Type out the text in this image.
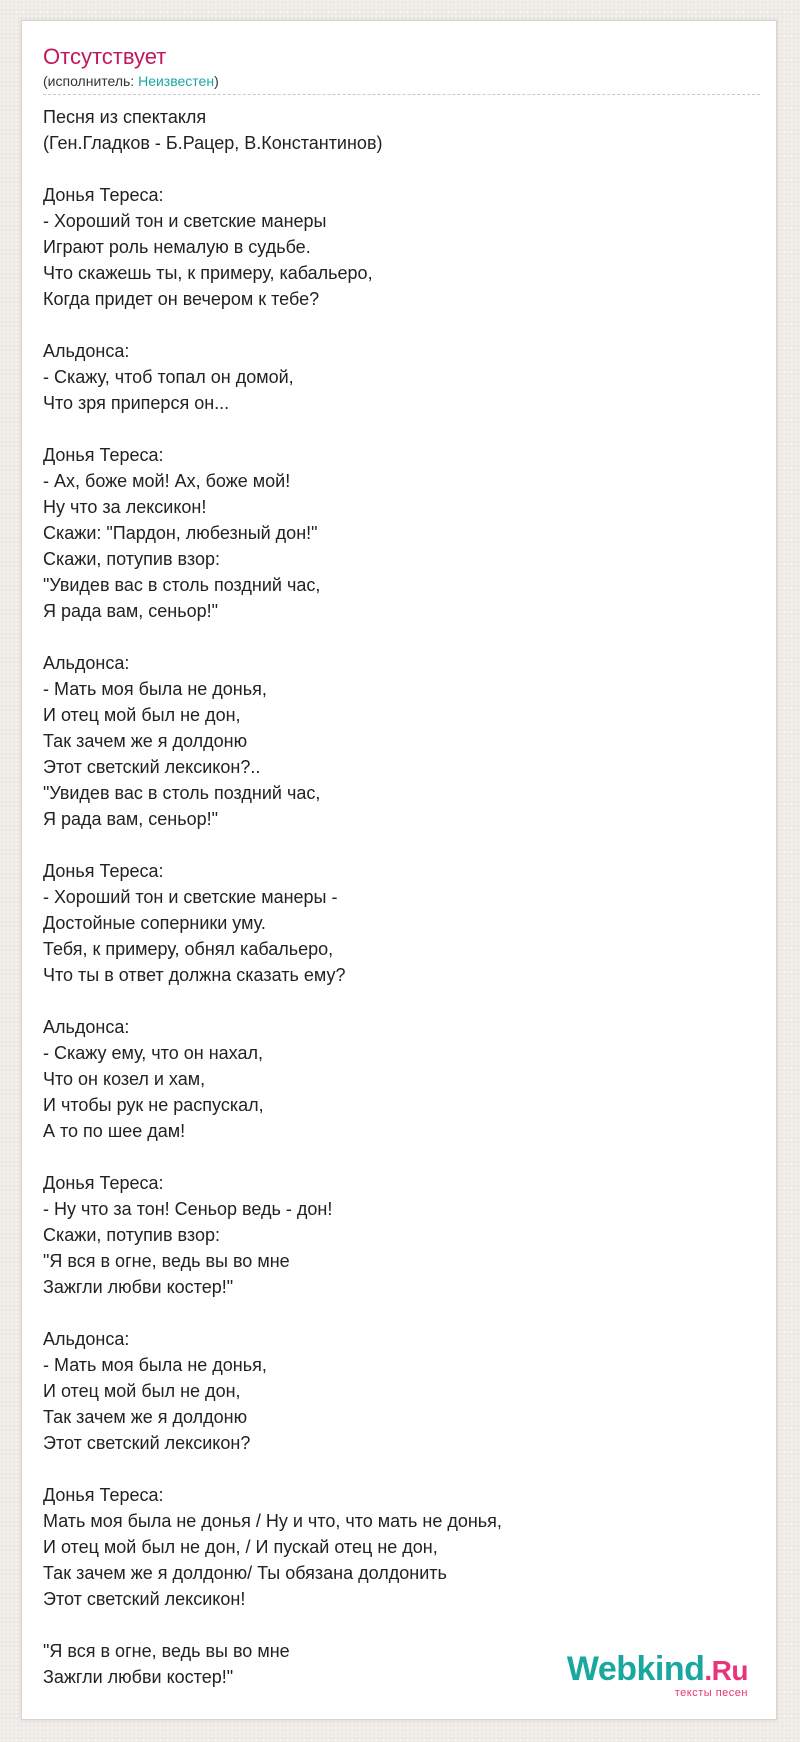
Отсутствует
(исполнитель: Неизвестен)
Песня из спектакля
(Ген.Гладков - Б.Рацер, В.Константинов)
Донья Тереса:
- Хороший тон и светские манеры
Играют роль немалую в судьбе.
Что скажешь ты, к примеру, кабальеро,
Когда придет он вечером к тебе?
Альдонса:
- Скажу, чтоб топал он домой,
Что зря приперся он...
Донья Тереса:
- Ах, боже мой! Ах, боже мой!
Ну что за лексикон!
Скажи: "Пардон, любезный дон!"
Скажи, потупив взор:
"Увидев вас в столь поздний час,
Я рада вам, сеньор!"
Альдонса:
- Мать моя была не донья,
И отец мой был не дон,
Так зачем же я долдоню
Этот светский лексикон?..
"Увидев вас в столь поздний час,
Я рада вам, сеньор!"
Донья Тереса:
- Хороший тон и светские манеры -
Достойные соперники уму.
Тебя, к примеру, обнял кабальеро,
Что ты в ответ должна сказать ему?
Альдонса:
- Скажу ему, что он нахал,
Что он козел и хам,
И чтобы рук не распускал,
А то по шее дам!
Донья Тереса:
- Ну что за тон! Сеньор ведь - дон!
Скажи, потупив взор:
"Я вся в огне, ведь вы во мне
Зажгли любви костер!"
Альдонса:
- Мать моя была не донья,
И отец мой был не дон,
Так зачем же я долдоню
Этот светский лексикон?
Донья Тереса:
Мать моя была не донья / Ну и что, что мать не донья,
И отец мой был не дон, / И пускай отец не дон,
Так зачем же я долдоню/ Ты обязана долдонить
Этот светский лексикон!
"Я вся в огне, ведь вы во мне
Зажгли любви костер!"	Webkind.Ru
тексты песен
